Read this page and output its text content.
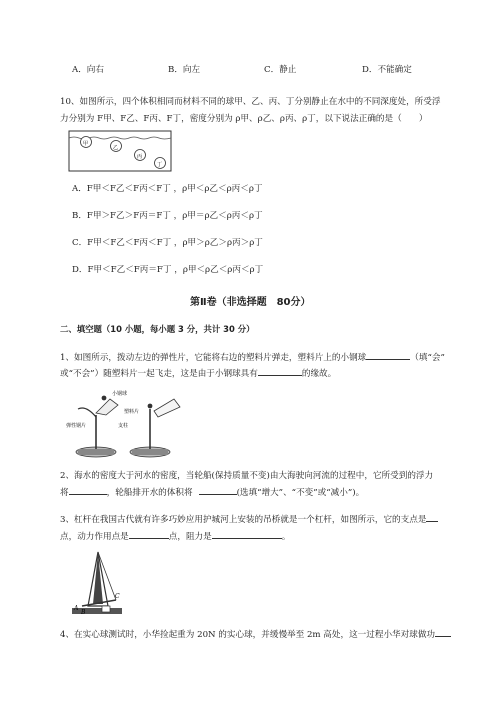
A．向右	B．向左	C．静止	D．不能确定
10、如图所示，四个体积相同而材料不同的球甲、乙、丙、丁分别静止在水中的不同深度处，所受浮
力分别为 F甲、F乙、F丙、F丁，密度分别为 ρ甲、ρ乙、ρ丙、ρ丁，以下说法正确的是（　　）
甲
乙
丙
丁
A．F甲＜F乙＜F丙＜F丁 ，ρ甲＜ρ乙＜ρ丙＜ρ丁
B．F甲＞F乙＞F丙＝F丁 ，ρ甲＝ρ乙＜ρ丙＜ρ丁
C．F甲＜F乙＜F丙＜F丁 ，ρ甲＞ρ乙＞ρ丙＞ρ丁
D．F甲＜F乙＜F丙＝F丁 ，ρ甲＜ρ乙＜ρ丙＜ρ丁
第Ⅱ卷（非选择题　80分）
二、填空题（10 小题，每小题 3 分，共计 30 分）
1、如图所示，拨动左边的弹性片，它能将右边的塑料片弹走，塑料片上的小钢球	（填“会”
或“不会”）随塑料片一起飞走，这是由于小钢球具有	的缘故。
小钢球
塑料片
弹性钢片	支柱
2、海水的密度大于河水的密度，当轮船(保持质量不变)由大海驶向河流的过程中，它所受到的浮力
将	，轮船排开水的体积将	(选填“增大”、“不变”或“减小”)。
3、杠杆在我国古代就有许多巧妙应用护城河上安装的吊桥就是一个杠杆，如图所示，它的支点是
点，动力作用点是	点，阻力是	。
A
B
C
4、在实心球测试时，小华捡起重为 20N 的实心球，并缓慢举至 2m 高处，这一过程小华对球做功
